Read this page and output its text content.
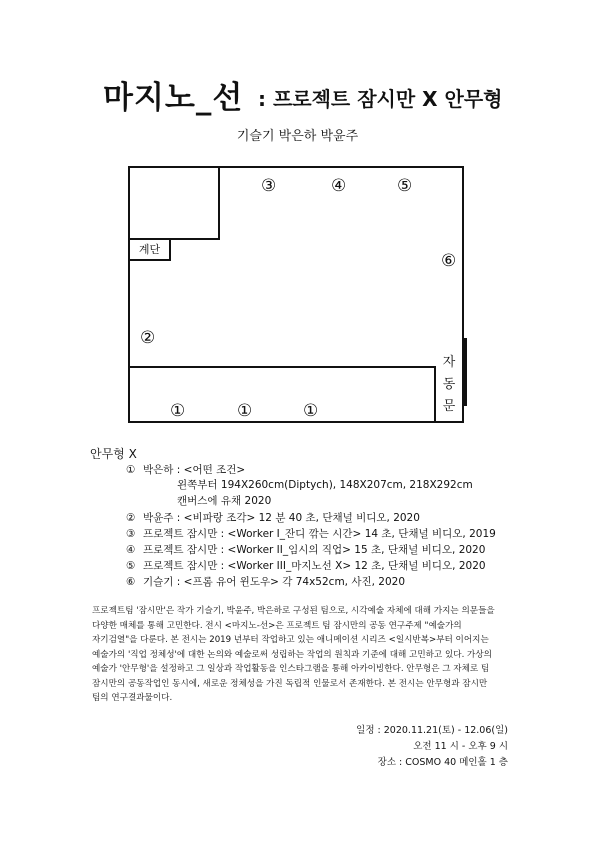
마지노_선 : 프로젝트 잠시만 X 안무형
기슬기 박은하 박윤주
계단
자
동
문
③	④	⑤
⑥
②
①	①	①
안무형 X
① 박은하 : <어떤 조건>
왼쪽부터 194X260cm(Diptych), 148X207cm, 218X292cm
캔버스에 유채 2020
② 박윤주 : <비파랑 조각> 12 분 40 초, 단채널 비디오, 2020
③ 프로젝트 잠시만 : <Worker I_잔디 깎는 시간> 14 초, 단채널 비디오, 2019
④ 프로젝트 잠시만 : <Worker II_임시의 직업> 15 초, 단채널 비디오, 2020
⑤ 프로젝트 잠시만 : <Worker III_마지노선 X> 12 초, 단채널 비디오, 2020
⑥ 기슬기 : <프롬 유어 윈도우> 각 74x52cm, 사진, 2020
프로젝트팀 '잠시만'은 작가 기슬기, 박윤주, 박은하로 구성된 팀으로, 시각예술 자체에 대해 가지는 의문들을
다양한 매체를 통해 고민한다. 전시 <마지노-선>은 프로젝트 팀 잠시만의 공동 연구주제 "예술가의
자기검열"을 다룬다. 본 전시는 2019 년부터 작업하고 있는 애니메이션 시리즈 <일시반복>부터 이어지는
예술가의 '직업 정체성'에 대한 논의와 예술로써 성립하는 작업의 원칙과 기준에 대해 고민하고 있다. 가상의
예술가 '안무형'을 설정하고 그 일상과 작업활동을 인스타그램을 통해 아카이빙한다. 안무형은 그 자체로 팀
잠시만의 공동작업인 동시에, 새로운 정체성을 가진 독립적 인물로서 존재한다. 본 전시는 안무형과 잠시만
팀의 연구결과물이다.
일정 : 2020.11.21(토) - 12.06(일)
오전 11 시 - 오후 9 시
장소 : COSMO 40 메인홀 1 층
